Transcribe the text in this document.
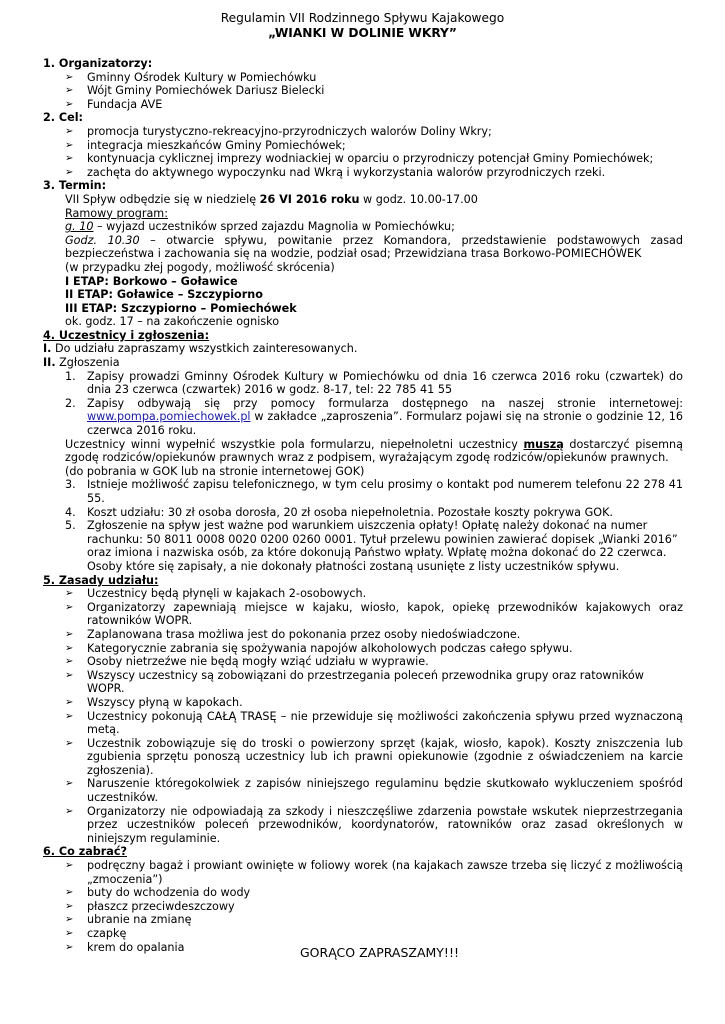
Regulamin VII Rodzinnego Spływu Kajakowego
„WIANKI W DOLINIE WKRY”
1. Organizatorzy:
➢ Gminny Ośrodek Kultury w Pomiechówku
➢ Wójt Gminy Pomiechówek Dariusz Bielecki
➢ Fundacja AVE
2. Cel:
➢ promocja turystyczno-rekreacyjno-przyrodniczych walorów Doliny Wkry;
➢ integracja mieszkańców Gminy Pomiechówek;
➢ kontynuacja cyklicznej imprezy wodniackiej w oparciu o przyrodniczy potencjał Gminy Pomiechówek;
➢ zachęta do aktywnego wypoczynku nad Wkrą i wykorzystania walorów przyrodniczych rzeki.
3. Termin:
VII Spływ odbędzie się w niedzielę 26 VI 2016 roku w godz. 10.00-17.00
Ramowy program:
g. 10 – wyjazd uczestników sprzed zajazdu Magnolia w Pomiechówku;
Godz. 10.30 – otwarcie spływu, powitanie przez Komandora, przedstawienie podstawowych zasad bezpieczeństwa i zachowania się na wodzie, podział osad; Przewidziana trasa Borkowo-POMIECHÓWEK
(w przypadku złej pogody, możliwość skrócenia)
I ETAP: Borkowo – Goławice
II ETAP: Goławice – Szczypiorno
III ETAP: Szczypiorno – Pomiechówek
ok. godz. 17 – na zakończenie ognisko
4. Uczestnicy i zgłoszenia:
I. Do udziału zapraszamy wszystkich zainteresowanych.
II. Zgłoszenia
1. Zapisy prowadzi Gminny Ośrodek Kultury w Pomiechówku od dnia 16 czerwca 2016 roku (czwartek) do dnia 23 czerwca (czwartek) 2016 w godz. 8-17, tel: 22 785 41 55
2. Zapisy odbywają się przy pomocy formularza dostępnego na naszej stronie internetowej: www.pompa.pomiechowek.pl w zakładce „zaproszenia”. Formularz pojawi się na stronie o godzinie 12, 16 czerwca 2016 roku.
Uczestnicy winni wypełnić wszystkie pola formularzu, niepełnoletni uczestnicy muszą dostarczyć pisemną zgodę rodziców/opiekunów prawnych wraz z podpisem, wyrażającym zgodę rodziców/opiekunów prawnych.
(do pobrania w GOK lub na stronie internetowej GOK)
3. Istnieje możliwość zapisu telefonicznego, w tym celu prosimy o kontakt pod numerem telefonu 22 278 41 55.
4. Koszt udziału: 30 zł osoba dorosła, 20 zł osoba niepełnoletnia. Pozostałe koszty pokrywa GOK.
5. Zgłoszenie na spływ jest ważne pod warunkiem uiszczenia opłaty! Opłatę należy dokonać na numer
rachunku: 50 8011 0008 0020 0200 0260 0001. Tytuł przelewu powinien zawierać dopisek „Wianki 2016”
oraz imiona i nazwiska osób, za które dokonują Państwo wpłaty. Wpłatę można dokonać do 22 czerwca.
Osoby które się zapisały, a nie dokonały płatności zostaną usunięte z listy uczestników spływu.
5. Zasady udziału:
➢ Uczestnicy będą płynęli w kajakach 2-osobowych.
➢ Organizatorzy zapewniają miejsce w kajaku, wiosło, kapok, opiekę przewodników kajakowych oraz ratowników WOPR.
➢ Zaplanowana trasa możliwa jest do pokonania przez osoby niedoświadczone.
➢ Kategorycznie zabrania się spożywania napojów alkoholowych podczas całego spływu.
➢ Osoby nietrzeźwe nie będą mogły wziąć udziału w wyprawie.
➢ Wszyscy uczestnicy są zobowiązani do przestrzegania poleceń przewodnika grupy oraz ratowników WOPR.
➢ Wszyscy płyną w kapokach.
➢ Uczestnicy pokonują CAŁĄ TRASĘ – nie przewiduje się możliwości zakończenia spływu przed wyznaczoną metą.
➢ Uczestnik zobowiązuje się do troski o powierzony sprzęt (kajak, wiosło, kapok). Koszty zniszczenia lub zgubienia sprzętu ponoszą uczestnicy lub ich prawni opiekunowie (zgodnie z oświadczeniem na karcie zgłoszenia).
➢ Naruszenie któregokolwiek z zapisów niniejszego regulaminu będzie skutkowało wykluczeniem spośród uczestników.
➢ Organizatorzy nie odpowiadają za szkody i nieszczęśliwe zdarzenia powstałe wskutek nieprzestrzegania przez uczestników poleceń przewodników, koordynatorów, ratowników oraz zasad określonych w niniejszym regulaminie.
6. Co zabrać?
➢ podręczny bagaż i prowiant owinięte w foliowy worek (na kajakach zawsze trzeba się liczyć z możliwością „zmoczenia”)
➢ buty do wchodzenia do wody
➢ płaszcz przeciwdeszczowy
➢ ubranie na zmianę
➢ czapkę
➢ krem do opalania	GORĄCO ZAPRASZAMY!!!
